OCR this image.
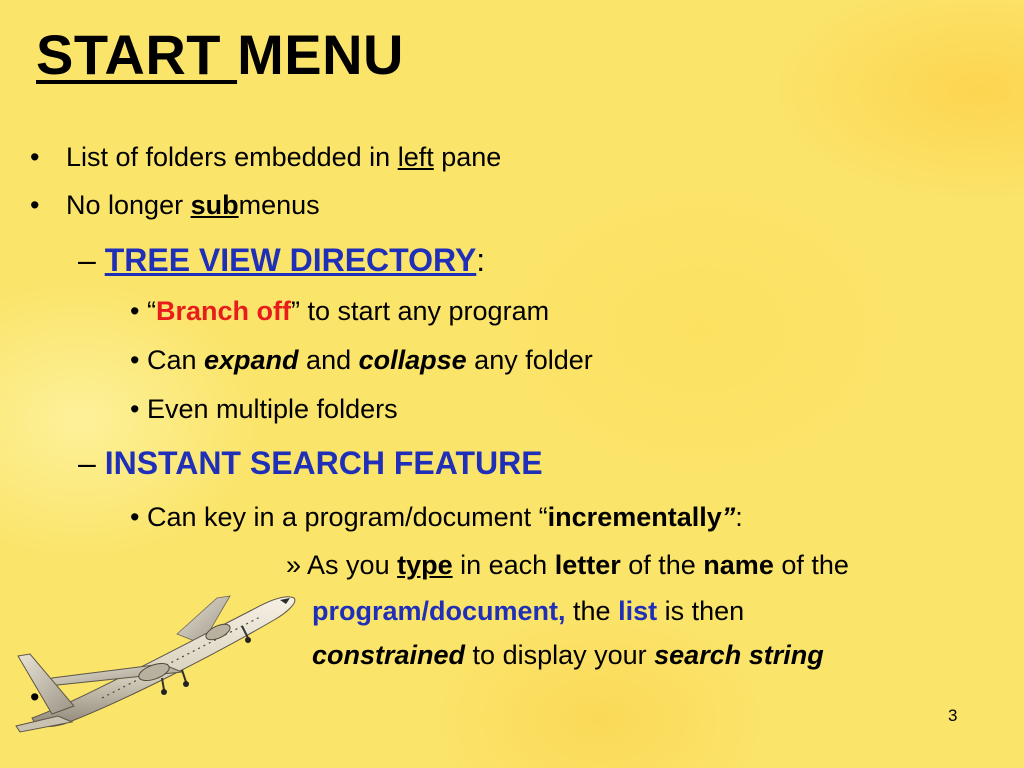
START MENU
• List of folders embedded in left pane
• No longer submenus
– TREE VIEW DIRECTORY:
• “Branch off” to start any program
• Can expand and collapse any folder
• Even multiple folders
– INSTANT SEARCH FEATURE
• Can key in a program/document “incrementally”:
» As you type in each letter of the name of the
program/document, the list is then
constrained to display your search string
•
3
